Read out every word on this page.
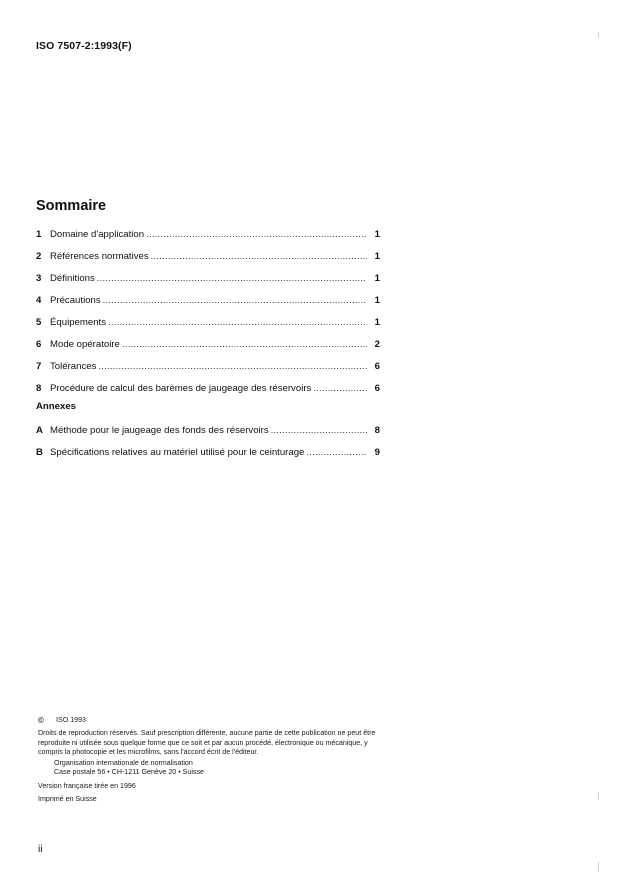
ISO 7507-2:1993(F)
Sommaire
1 Domaine d'application .....	1
2 Références normatives .....	1
3 Définitions .....	1
4 Précautions .....	1
5 Équipements .....	1
6 Mode opératoire .....	2
7 Tolérances .....	6
8 Procédure de calcul des barèmes de jaugeage des réservoirs .....	6
Annexes
A Méthode pour le jaugeage des fonds des réservoirs .....	8
B Spécifications relatives au matériel utilisé pour le ceinturage .....	9
©	ISO 1993

Droits de reproduction réservés. Sauf prescription différente, aucune partie de cette publication ne peut être reproduite ni utilisée sous quelque forme que ce soit et par aucun procédé, électronique ou mécanique, y compris la photocopie et les microfilms, sans l'accord écrit de l'éditeur.

Organisation internationale de normalisation

Case postale 56 • CH-1211 Genève 20 • Suisse

Version française tirée en 1996

Imprimé en Suisse

ii
